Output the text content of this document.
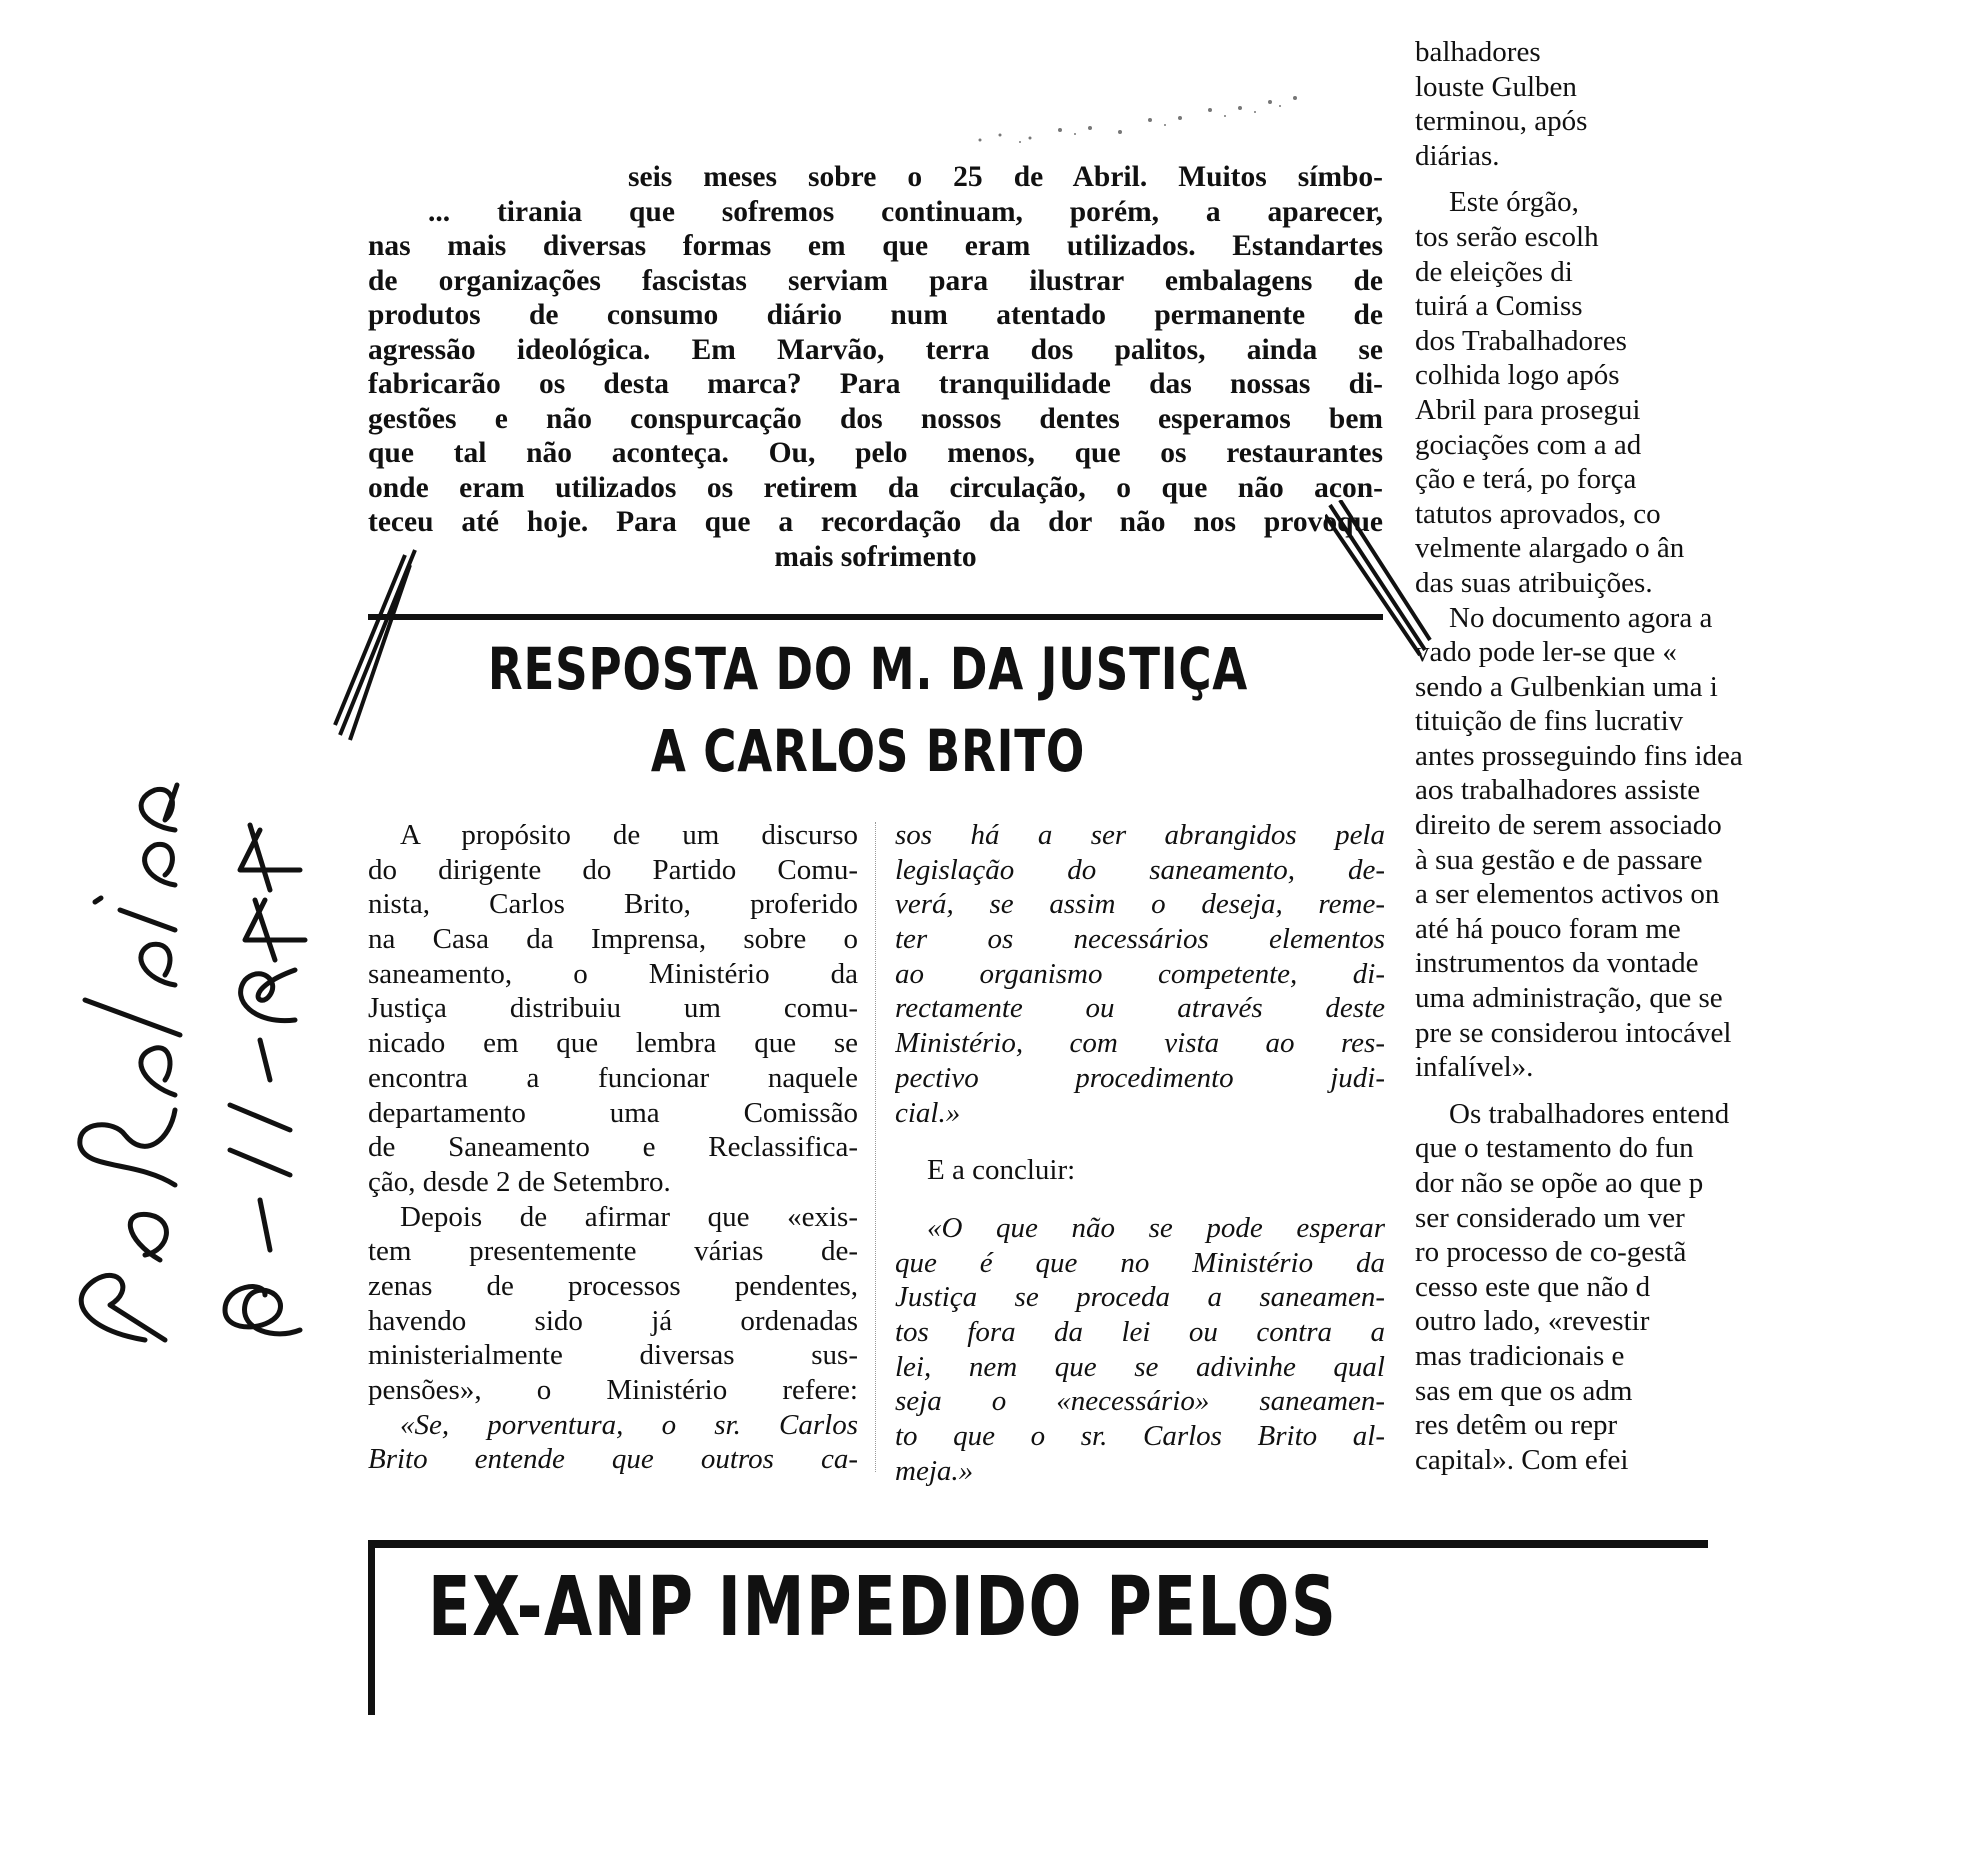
seis meses sobre o 25 de Abril. Muitos símbo-
... tirania que sofremos continuam, porém, a aparecer,
nas mais diversas formas em que eram utilizados. Estandartes
de organizações fascistas serviam para ilustrar embalagens de
produtos de consumo diário num atentado permanente de
agressão ideológica. Em Marvão, terra dos palitos, ainda se
fabricarão os desta marca? Para tranquilidade das nossas di-
gestões e não conspurcação dos nossos dentes esperamos bem
que tal não aconteça. Ou, pelo menos, que os restaurantes
onde eram utilizados os retirem da circulação, o que não acon-
teceu até hoje. Para que a recordação da dor não nos provoque
mais sofrimento
balhadores
louste Gulben
terminou, após
diárias.
Este órgão,
tos serão escolh
de eleições di
tuirá a Comiss
dos Trabalhadores
colhida logo após
Abril para prosegui
gociações com a ad
ção e terá, po força
tatutos aprovados, co
velmente alargado o ân
das suas atribuições.
No documento agora a
vado pode ler-se que «
sendo a Gulbenkian uma i
tituição de fins lucrativ
antes prosseguindo fins idea
aos trabalhadores assiste
direito de serem associado
à sua gestão e de passare
a ser elementos activos on
até há pouco foram me
instrumentos da vontade
uma administração, que se
pre se considerou intocável
infalível».
Os trabalhadores entend
que o testamento do fun
dor não se opõe ao que p
ser considerado um ver
ro processo de co-gestã
cesso este que não d
outro lado, «revestir
mas tradicionais e
sas em que os adm
res detêm ou repr
capital». Com efei
RESPOSTA DO M. DA JUSTIÇA
A CARLOS BRITO
A propósito de um discurso
do dirigente do Partido Comu-
nista, Carlos Brito, proferido
na Casa da Imprensa, sobre o
saneamento, o Ministério da
Justiça distribuiu um comu-
nicado em que lembra que se
encontra a funcionar naquele
departamento uma Comissão
de Saneamento e Reclassifica-
ção, desde 2 de Setembro.
Depois de afirmar que «exis-
tem presentemente várias de-
zenas de processos pendentes,
havendo sido já ordenadas
ministerialmente diversas sus-
pensões», o Ministério refere:
«Se, porventura, o sr. Carlos
Brito entende que outros ca-
sos há a ser abrangidos pela
legislação do saneamento, de-
verá, se assim o deseja, reme-
ter os necessários elementos
ao organismo competente, di-
rectamente ou através deste
Ministério, com vista ao res-
pectivo procedimento judi-
cial.»
E a concluir:
«O que não se pode esperar
que é que no Ministério da
Justiça se proceda a saneamen-
tos fora da lei ou contra a
lei, nem que se adivinhe qual
seja o «necessário» saneamen-
to que o sr. Carlos Brito al-
meja.»
EX-ANP IMPEDIDO PELOS
